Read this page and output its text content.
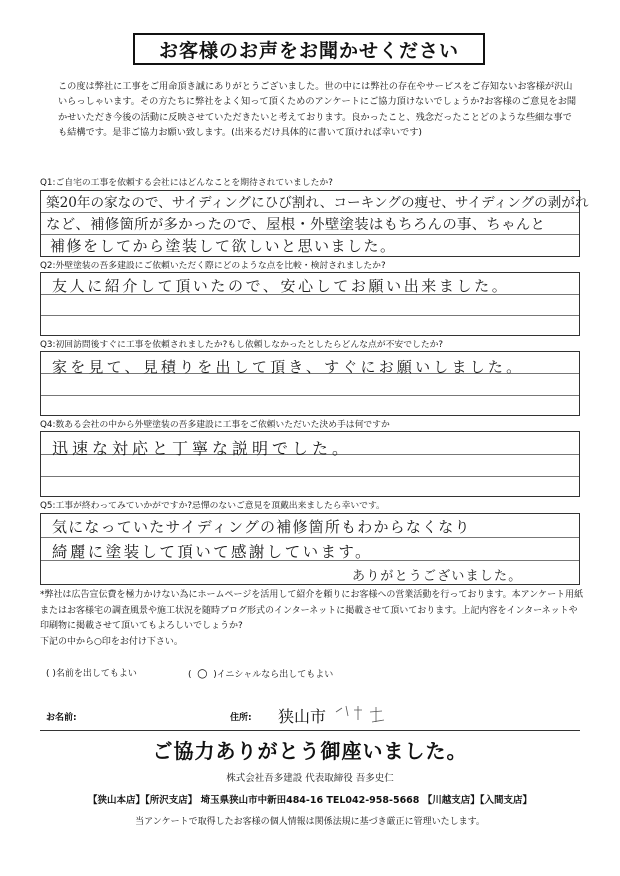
お客様のお声をお聞かせください
この度は弊社に工事をご用命頂き誠にありがとうございました。世の中には弊社の存在やサービスをご存知ないお客様が沢山いらっしゃいます。その方たちに弊社をよく知って頂くためのアンケートにご協力頂けないでしょうか?お客様のご意見をお聞かせいただき今後の活動に反映させていただきたいと考えております。良かったこと、残念だったことどのような些細な事でも結構です。是非ご協力お願い致します。(出来るだけ具体的に書いて頂ければ幸いです)
Q1:ご自宅の工事を依頼する会社にはどんなことを期待されていましたか?
築20年の家なので、サイディングにひび割れ、コーキングの痩せ、サイディングの剥がれ
など、補修箇所が多かったので、屋根・外壁塗装はもちろんの事、ちゃんと
補修をしてから塗装して欲しいと思いました。
Q2:外壁塗装の吾多建設にご依頼いただく際にどのような点を比較・検討されましたか?
友人に紹介して頂いたので、安心してお願い出来ました。
Q3:初回訪問後すぐに工事を依頼されましたか?もし依頼しなかったとしたらどんな点が不安でしたか?
家を見て、見積りを出して頂き、すぐにお願いしました。
Q4:数ある会社の中から外壁塗装の吾多建設に工事をご依頼いただいた決め手は何ですか
迅速な対応と丁寧な説明でした。
Q5:工事が終わってみていかがですか?忌憚のないご意見を頂戴出来ましたら幸いです。
気になっていたサイディングの補修箇所もわからなくなり
綺麗に塗装して頂いて感謝しています。
ありがとうございました。
*弊社は広告宣伝費を極力かけない為にホームページを活用して紹介を頼りにお客様への営業活動を行っております。本アンケート用紙またはお客様宅の調査風景や施工状況を随時ブログ形式のインターネットに掲載させて頂いております。上記内容をインターネットや印刷物に掲載させて頂いてもよろしいでしょうか?
下記の中から○印をお付け下さい。
( )名前を出してもよい	( ○ )イニシャルなら出してもよい
お名前:	住所: 狭山市
ご協力ありがとう御座いました。
株式会社吾多建設 代表取締役 吾多史仁
【狭山本店】【所沢支店】 埼玉県狭山市中新田484-16 TEL042-958-5668 【川越支店】【入間支店】
当アンケートで取得したお客様の個人情報は関係法規に基づき厳正に管理いたします。
